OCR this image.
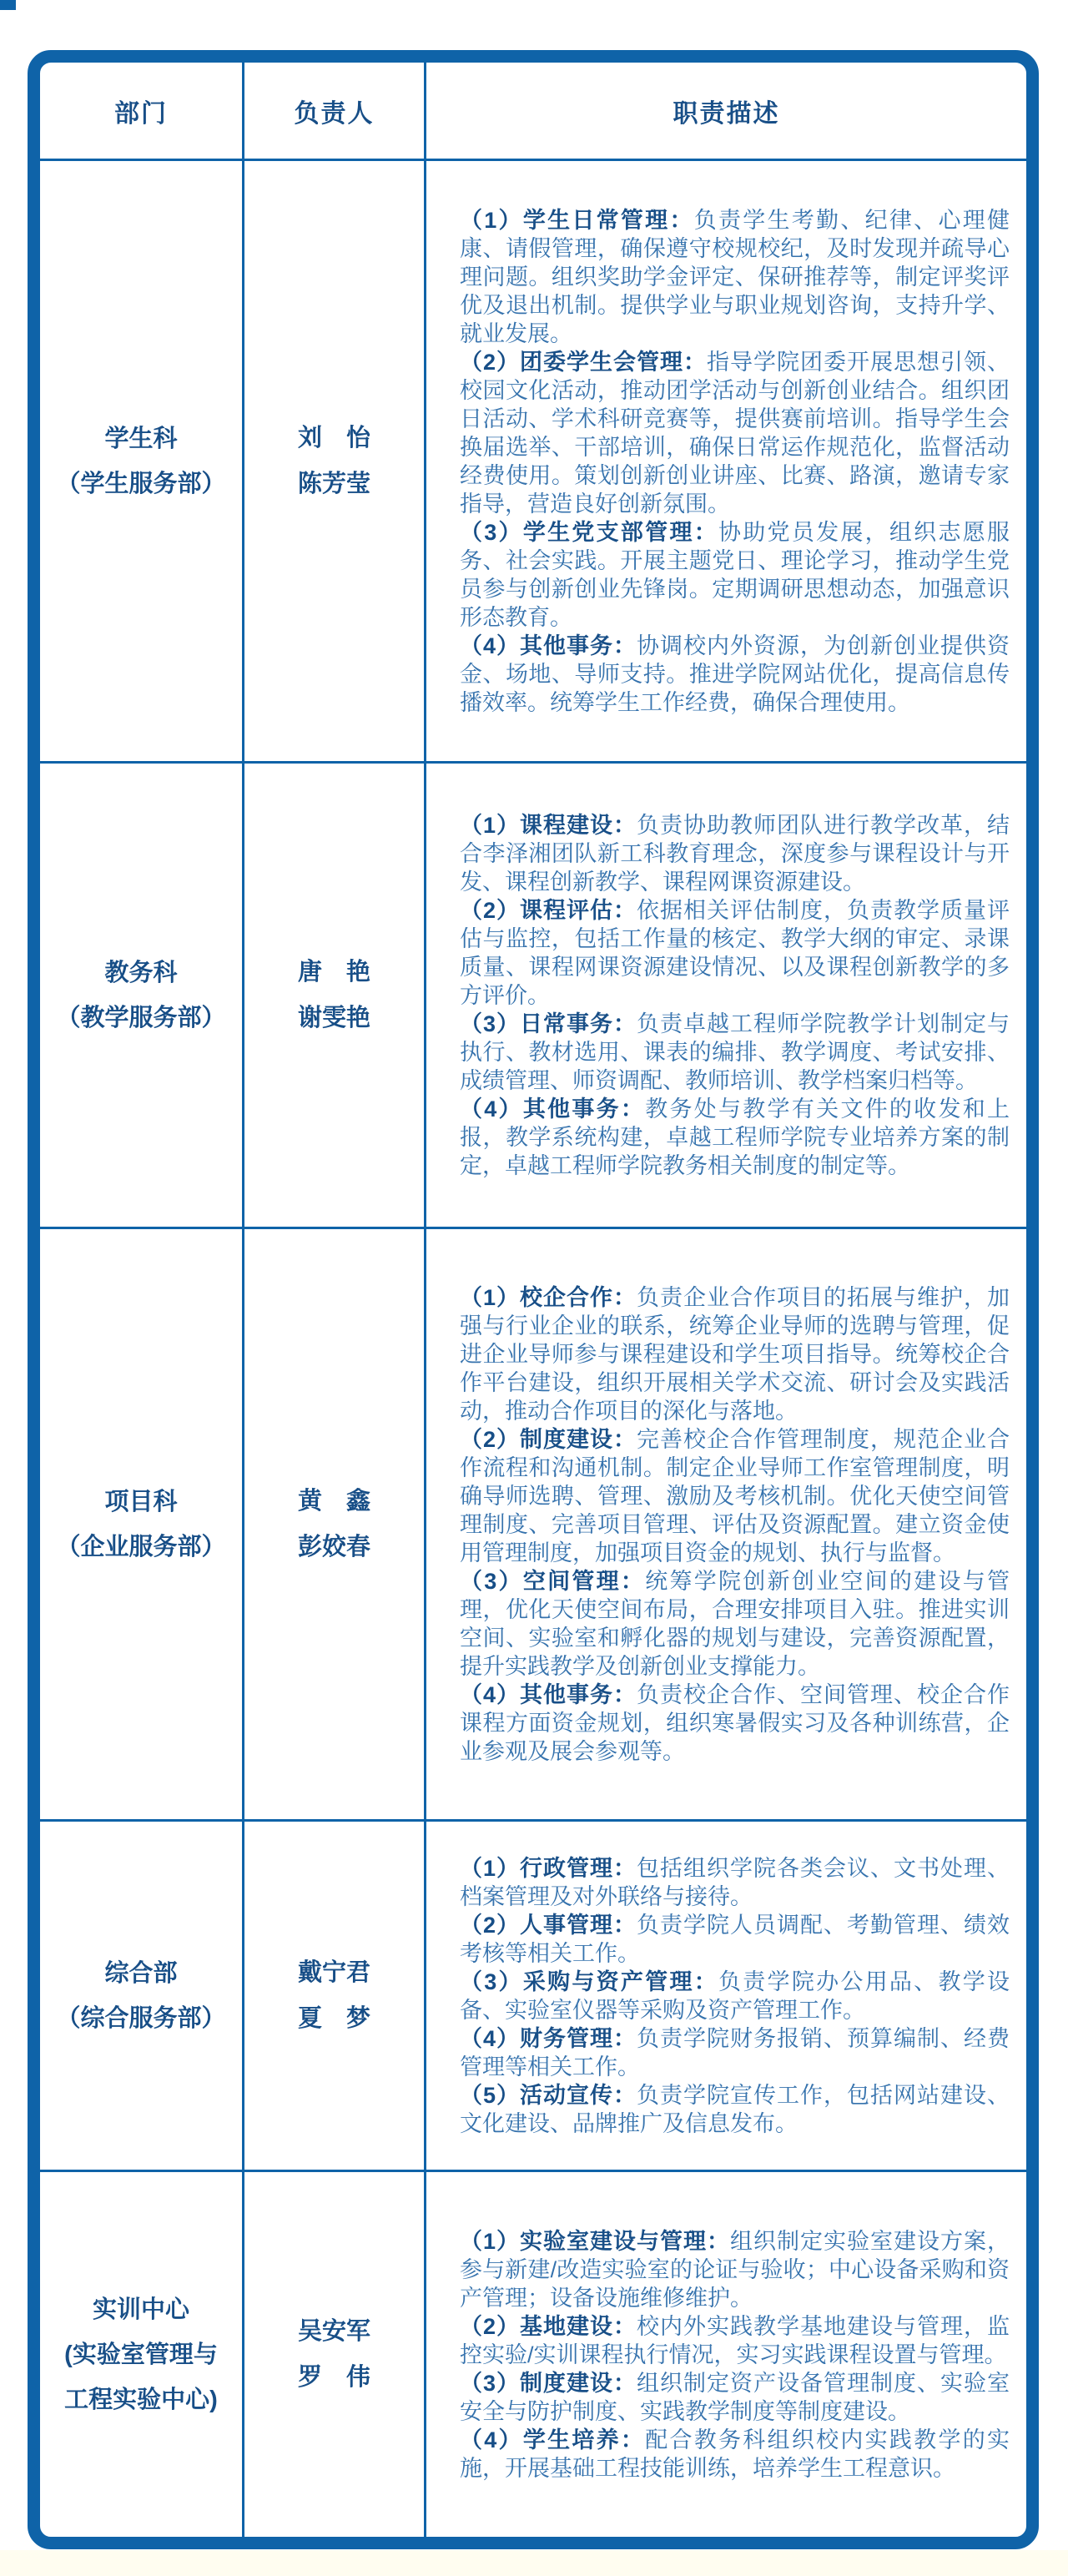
部门	负责人	职责描述
学生科
（学生服务部）
刘　怡
陈芳莹

（1）学生日常管理：负责学生考勤、纪律、心理健康、请假管理，确保遵守校规校纪，及时发现并疏导心理问题。组织奖助学金评定、保研推荐等，制定评奖评优及退出机制。提供学业与职业规划咨询，支持升学、就业发展。

（2）团委学生会管理：指导学院团委开展思想引领、校园文化活动，推动团学活动与创新创业结合。组织团日活动、学术科研竞赛等，提供赛前培训。指导学生会换届选举、干部培训，确保日常运作规范化，监督活动经费使用。策划创新创业讲座、比赛、路演，邀请专家指导，营造良好创新氛围。

（3）学生党支部管理：协助党员发展，组织志愿服务、社会实践。开展主题党日、理论学习，推动学生党员参与创新创业先锋岗。定期调研思想动态，加强意识形态教育。

（4）其他事务：协调校内外资源，为创新创业提供资金、场地、导师支持。推进学院网站优化，提高信息传播效率。统筹学生工作经费，确保合理使用。

教务科
（教学服务部）
唐　艳
谢雯艳

（1）课程建设：负责协助教师团队进行教学改革，结合李泽湘团队新工科教育理念，深度参与课程设计与开发、课程创新教学、课程网课资源建设。

（2）课程评估：依据相关评估制度，负责教学质量评估与监控，包括工作量的核定、教学大纲的审定、录课质量、课程网课资源建设情况、以及课程创新教学的多方评价。

（3）日常事务：负责卓越工程师学院教学计划制定与执行、教材选用、课表的编排、教学调度、考试安排、成绩管理、师资调配、教师培训、教学档案归档等。

（4）其他事务：教务处与教学有关文件的收发和上报，教学系统构建，卓越工程师学院专业培养方案的制定，卓越工程师学院教务相关制度的制定等。

项目科
（企业服务部）
黄　鑫
彭姣春

（1）校企合作：负责企业合作项目的拓展与维护，加强与行业企业的联系，统筹企业导师的选聘与管理，促进企业导师参与课程建设和学生项目指导。统筹校企合作平台建设，组织开展相关学术交流、研讨会及实践活动，推动合作项目的深化与落地。

（2）制度建设：完善校企合作管理制度，规范企业合作流程和沟通机制。制定企业导师工作室管理制度，明确导师选聘、管理、激励及考核机制。优化天使空间管理制度、完善项目管理、评估及资源配置。建立资金使用管理制度，加强项目资金的规划、执行与监督。

（3）空间管理：统筹学院创新创业空间的建设与管理，优化天使空间布局，合理安排项目入驻。推进实训空间、实验室和孵化器的规划与建设，完善资源配置，提升实践教学及创新创业支撑能力。

（4）其他事务：负责校企合作、空间管理、校企合作课程方面资金规划，组织寒暑假实习及各种训练营，企业参观及展会参观等。

综合部
（综合服务部）
戴宁君
夏　梦

（1）行政管理：包括组织学院各类会议、文书处理、档案管理及对外联络与接待。

（2）人事管理：负责学院人员调配、考勤管理、绩效考核等相关工作。

（3）采购与资产管理：负责学院办公用品、教学设备、实验室仪器等采购及资产管理工作。

（4）财务管理：负责学院财务报销、预算编制、经费管理等相关工作。

（5）活动宣传：负责学院宣传工作，包括网站建设、文化建设、品牌推广及信息发布。

实训中心
(实验室管理与
工程实验中心)
吴安军
罗　伟

（1）实验室建设与管理：组织制定实验室建设方案，参与新建/改造实验室的论证与验收；中心设备采购和资产管理；设备设施维修维护。

（2）基地建设：校内外实践教学基地建设与管理，监控实验/实训课程执行情况，实习实践课程设置与管理。

（3）制度建设：组织制定资产设备管理制度、实验室安全与防护制度、实践教学制度等制度建设。

（4）学生培养：配合教务科组织校内实践教学的实施，开展基础工程技能训练，培养学生工程意识。
